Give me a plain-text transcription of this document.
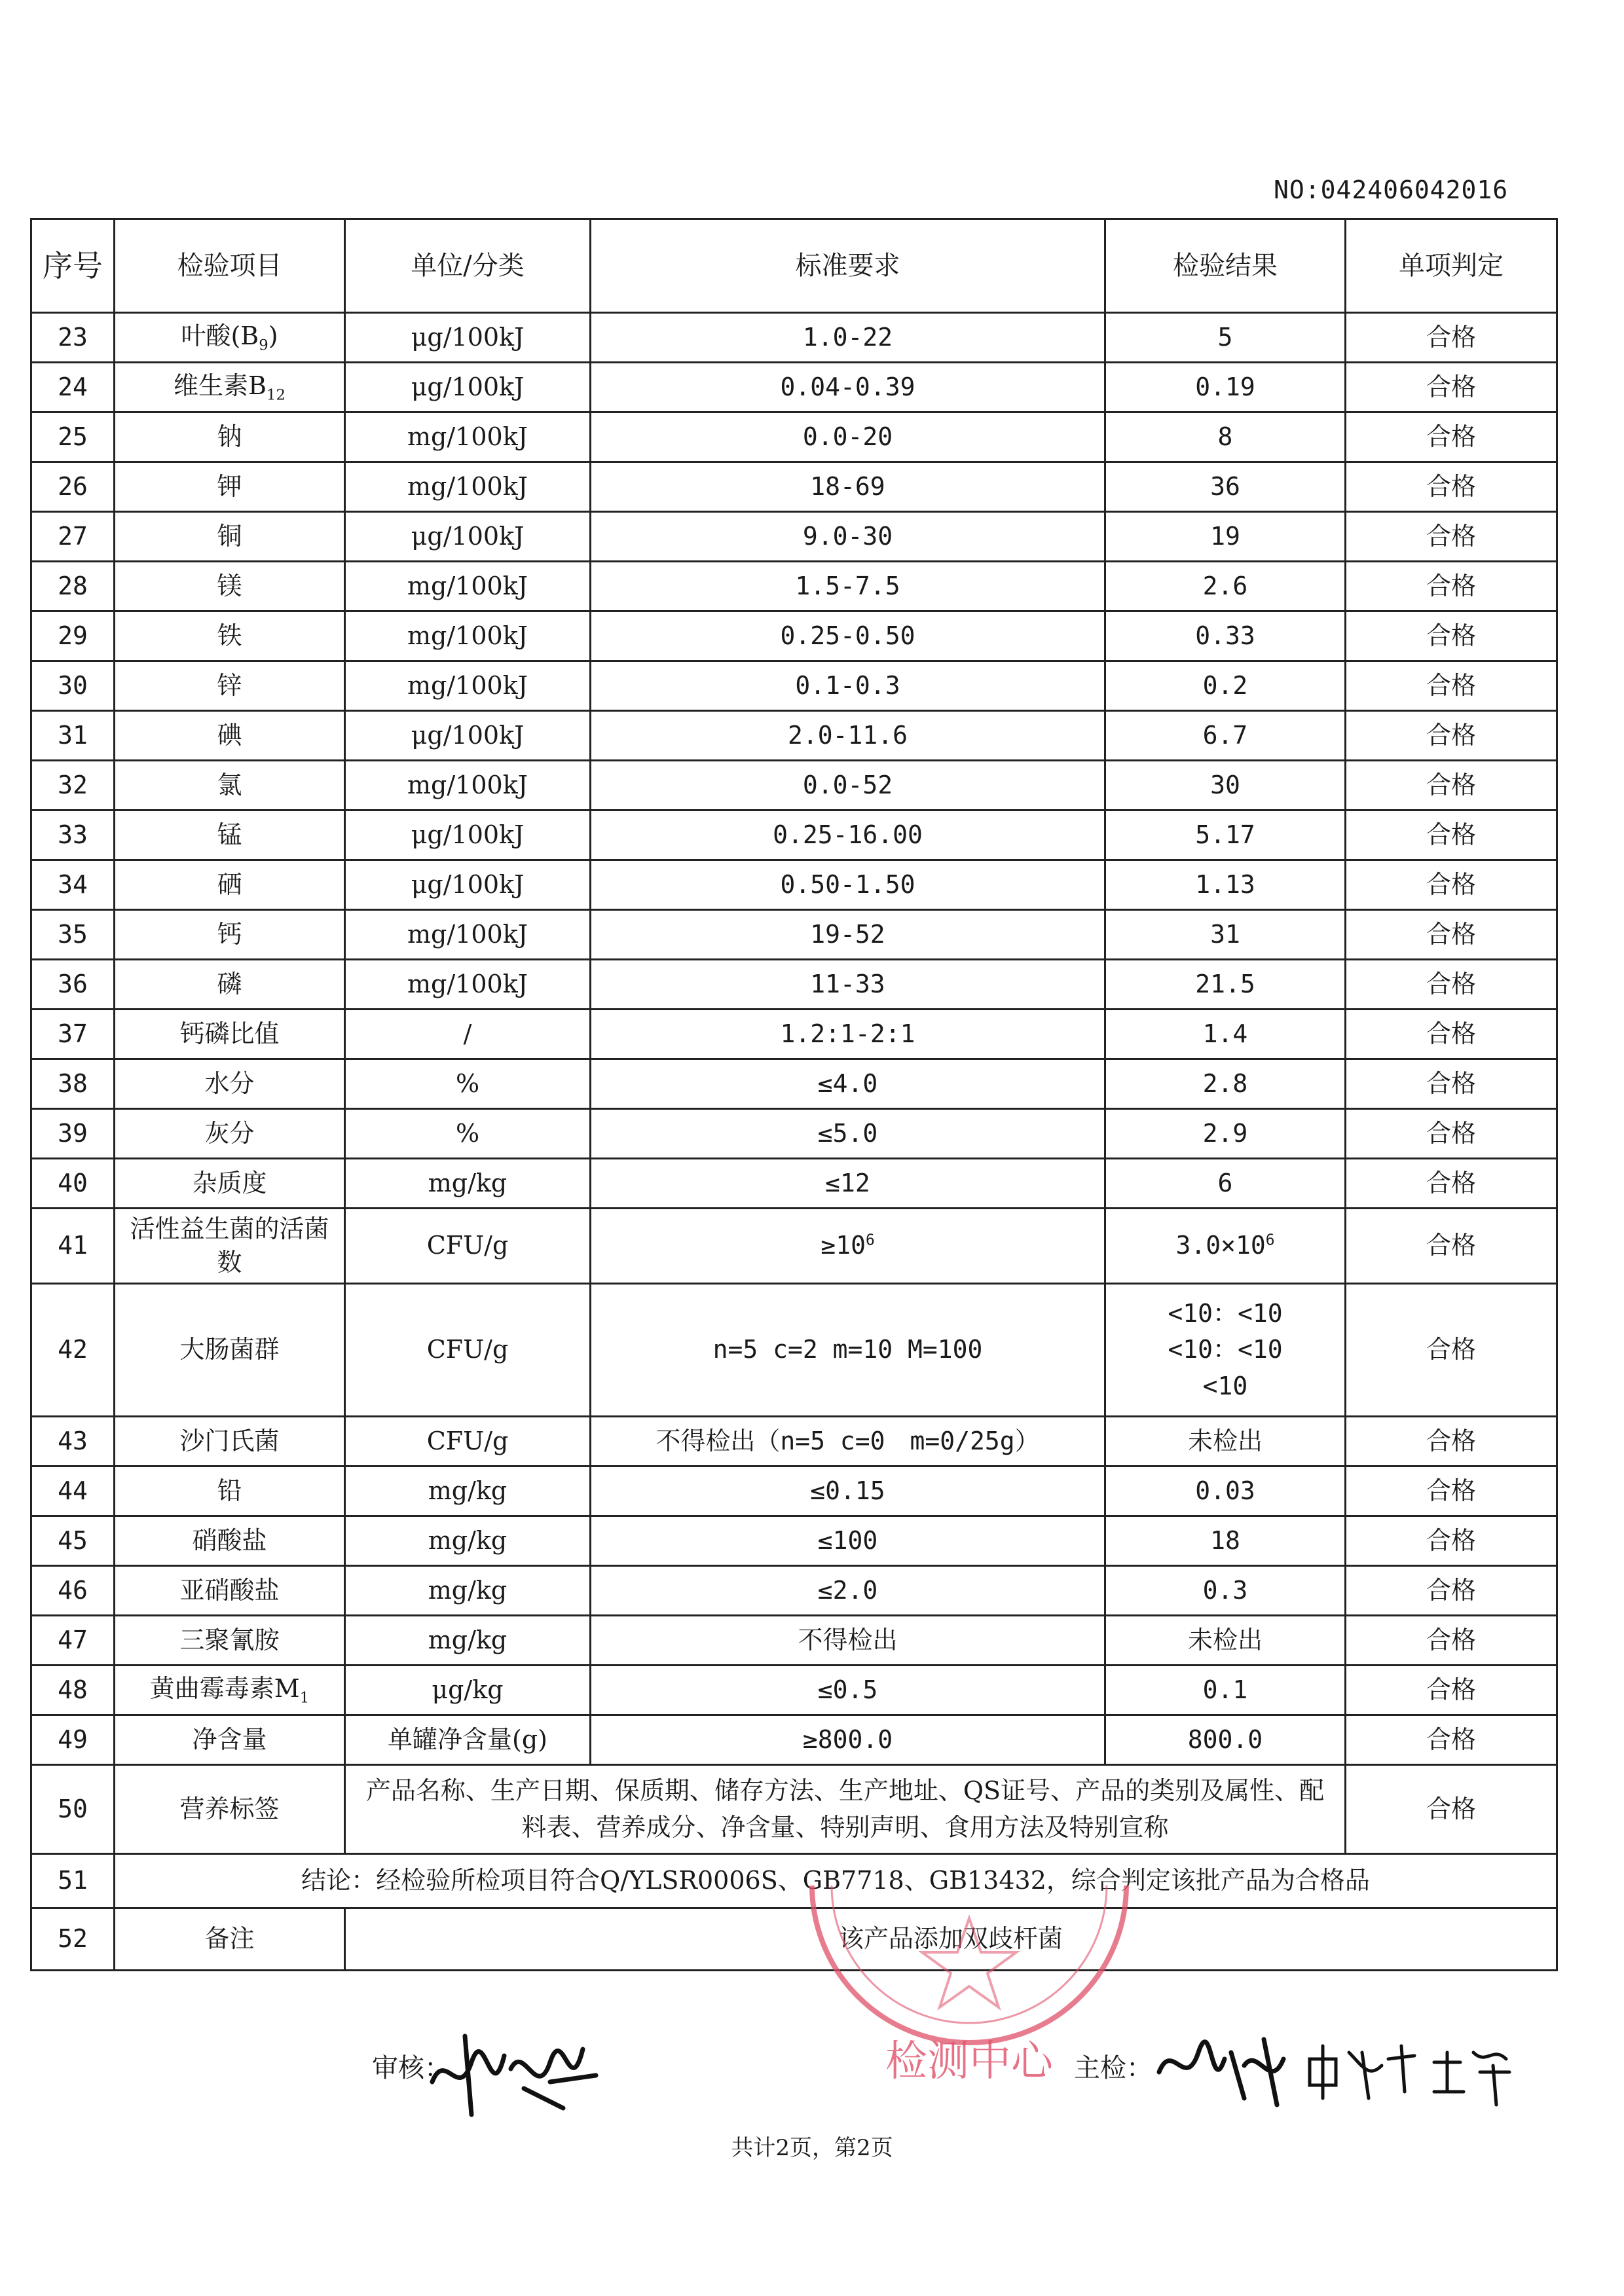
NO:042406042016
序号	检验项目	单位/分类	标准要求	检验结果	单项判定
23	叶酸$(B_9)$	μg/100kJ	1.0-22	5	合格
24	维生素$B_{12}$	μg/100kJ	0.04-0.39	0.19	合格
25	钠	mg/100kJ	0.0-20	8	合格
26	钾	mg/100kJ	18-69	36	合格
27	铜	μg/100kJ	9.0-30	19	合格
28	镁	mg/100kJ	1.5-7.5	2.6	合格
29	铁	mg/100kJ	0.25-0.50	0.33	合格
30	锌	mg/100kJ	0.1-0.3	0.2	合格
31	碘	μg/100kJ	2.0-11.6	6.7	合格
32	氯	mg/100kJ	0.0-52	30	合格
33	锰	μg/100kJ	0.25-16.00	5.17	合格
34	硒	μg/100kJ	0.50-1.50	1.13	合格
35	钙	mg/100kJ	19-52	31	合格
36	磷	mg/100kJ	11-33	21.5	合格
37	钙磷比值	/	1.2:1-2:1	1.4	合格
38	水分	%	≤4.0	2.8	合格
39	灰分	%	≤5.0	2.9	合格
40	杂质度	mg/kg	≤12	6	合格
41	活性益生菌的活菌数	CFU/g	$\ge 10^6$	$3.0\times 10^6$	合格
42	大肠菌群	CFU/g	n=5 c=2 m=10 M=100	<10：<10
<10：<10
<10	合格
43	沙门氏菌	CFU/g	不得检出（n=5 c=0　m=0/25g）	未检出	合格
44	铅	mg/kg	≤0.15	0.03	合格
45	硝酸盐	mg/kg	≤100	18	合格
46	亚硝酸盐	mg/kg	≤2.0	0.3	合格
47	三聚氰胺	mg/kg	不得检出	未检出	合格
48	黄曲霉毒素$M_1$	μg/kg	≤0.5	0.1	合格
49	净含量	单罐净含量(g)	≥800.0	800.0	合格
50	营养标签	产品名称、生产日期、保质期、储存方法、生产地址、QS证号、产品的类别及属性、配料表、营养成分、净含量、特别声明、食用方法及特别宣称			合格
51	结论：经检验所检项目符合Q/YLSR0006S、GB7718、GB13432，综合判定该批产品为合格品				
52	备注	该产品添加双歧杆菌			
检测中心
审核：	主检：
共计2页，第2页
